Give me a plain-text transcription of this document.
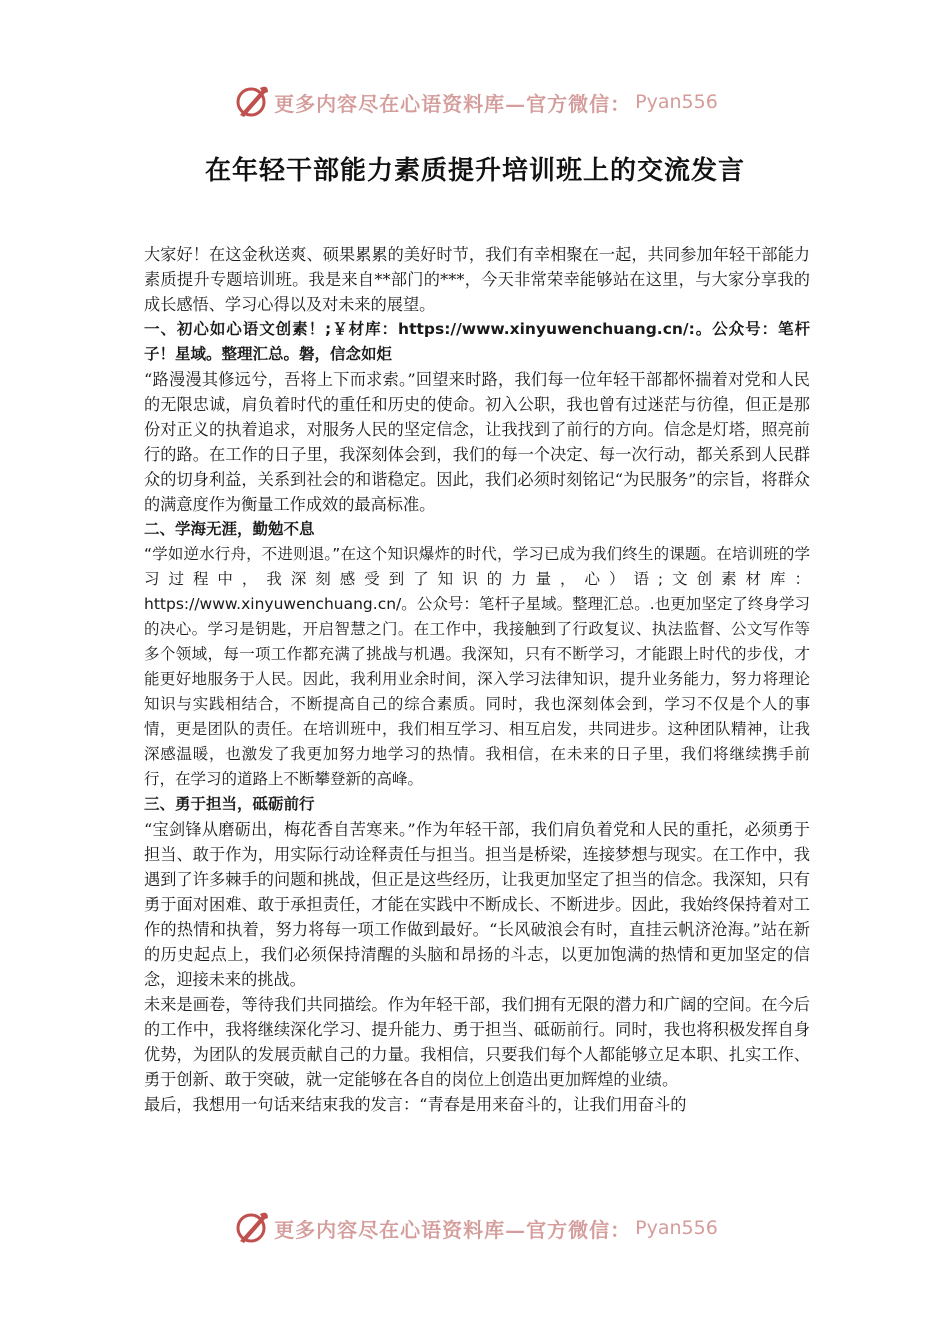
更多内容尽在心语资料库—官方微信： Pyan556
在年轻干部能力素质提升培训班上的交流发言

大家好！在这金秋送爽、硕果累累的美好时节，我们有幸相聚在一起，共同参加年轻干部能力素质提升专题培训班。我是来自**部门的***，今天非常荣幸能够站在这里，与大家分享我的成长感悟、学习心得以及对未来的展望。

一、初心如心语文创素！;￥材库：https://www.xinyuwenchuang.cn/:。公众号：笔杆子！星域。整理汇总。磐，信念如炬

“路漫漫其修远兮，吾将上下而求索。”回望来时路，我们每一位年轻干部都怀揣着对党和人民的无限忠诚，肩负着时代的重任和历史的使命。初入公职，我也曾有过迷茫与彷徨，但正是那份对正义的执着追求，对服务人民的坚定信念，让我找到了前行的方向。信念是灯塔，照亮前行的路。在工作的日子里，我深刻体会到，我们的每一个决定、每一次行动，都关系到人民群众的切身利益，关系到社会的和谐稳定。因此，我们必须时刻铭记“为民服务”的宗旨，将群众的满意度作为衡量工作成效的最高标准。

二、学海无涯，勤勉不息

“学如逆水行舟，不进则退。”在这个知识爆炸的时代，学习已成为我们终生的课题。在培训班的学习过程中，我深刻感受到了知识的力量，心）语;文创素材库：https://www.xinyuwenchuang.cn/。公众号：笔杆子星域。整理汇总。.也更加坚定了终身学习的决心。学习是钥匙，开启智慧之门。在工作中，我接触到了行政复议、执法监督、公文写作等多个领域，每一项工作都充满了挑战与机遇。我深知，只有不断学习，才能跟上时代的步伐，才能更好地服务于人民。因此，我利用业余时间，深入学习法律知识，提升业务能力，努力将理论知识与实践相结合，不断提高自己的综合素质。同时，我也深刻体会到，学习不仅是个人的事情，更是团队的责任。在培训班中，我们相互学习、相互启发，共同进步。这种团队精神，让我深感温暖，也激发了我更加努力地学习的热情。我相信，在未来的日子里，我们将继续携手前行，在学习的道路上不断攀登新的高峰。

三、勇于担当，砥砺前行

“宝剑锋从磨砺出，梅花香自苦寒来。”作为年轻干部，我们肩负着党和人民的重托，必须勇于担当、敢于作为，用实际行动诠释责任与担当。担当是桥梁，连接梦想与现实。在工作中，我遇到了许多棘手的问题和挑战，但正是这些经历，让我更加坚定了担当的信念。我深知，只有勇于面对困难、敢于承担责任，才能在实践中不断成长、不断进步。因此，我始终保持着对工作的热情和执着，努力将每一项工作做到最好。“长风破浪会有时，直挂云帆济沧海。”站在新的历史起点上，我们必须保持清醒的头脑和昂扬的斗志，以更加饱满的热情和更加坚定的信念，迎接未来的挑战。

未来是画卷，等待我们共同描绘。作为年轻干部，我们拥有无限的潜力和广阔的空间。在今后的工作中，我将继续深化学习、提升能力、勇于担当、砥砺前行。同时，我也将积极发挥自身优势，为团队的发展贡献自己的力量。我相信，只要我们每个人都能够立足本职、扎实工作、勇于创新、敢于突破，就一定能够在各自的岗位上创造出更加辉煌的业绩。

最后，我想用一句话来结束我的发言：“青春是用来奋斗的，让我们用奋斗的

更多内容尽在心语资料库—官方微信： Pyan556
